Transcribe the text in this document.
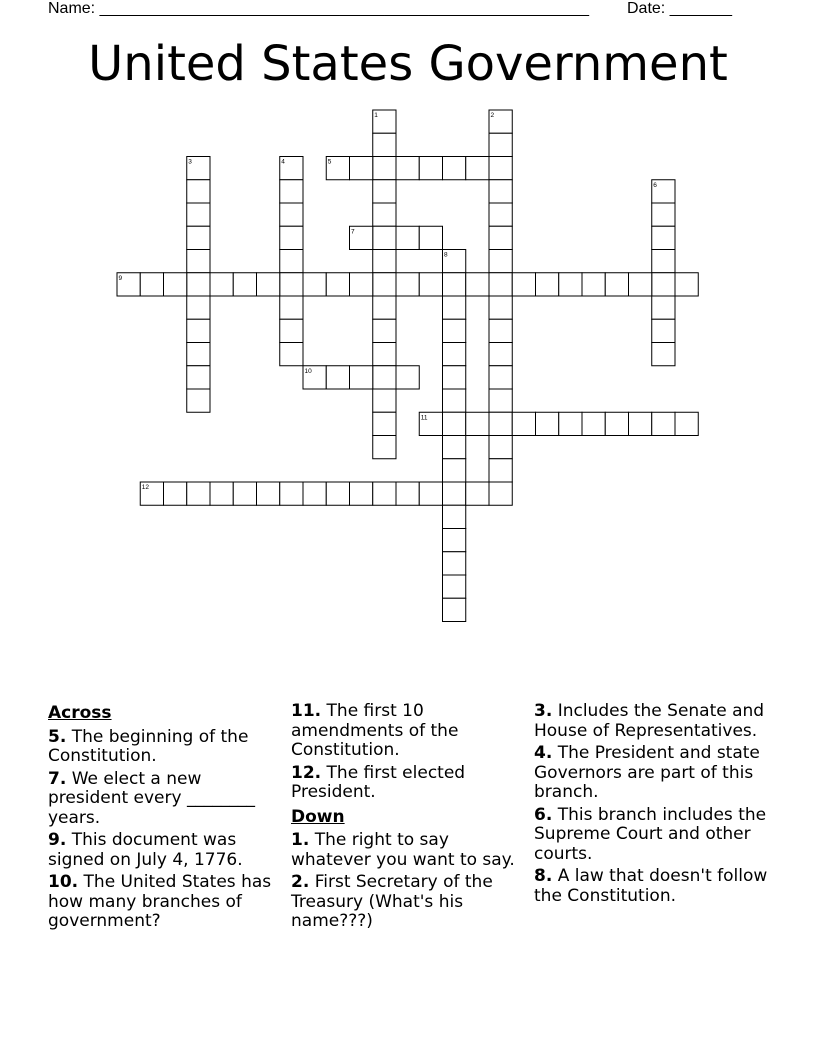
Name: _______________________________________________________

Date: _______

United States Government
1	2
3	4	5
6
7
8
9
10
11
12
Across
5. The beginning of the Constitution.
7. We elect a new president every ________ years.
9. This document was signed on July 4, 1776.
10. The United States has how many branches of government?
11. The first 10 amendments of the Constitution.
12. The first elected President.
Down
1. The right to say whatever you want to say.
2. First Secretary of the Treasury (What's his name???)
3. Includes the Senate and House of Representatives.
4. The President and state Governors are part of this branch.
6. This branch includes the Supreme Court and other courts.
8. A law that doesn't follow the Constitution.
